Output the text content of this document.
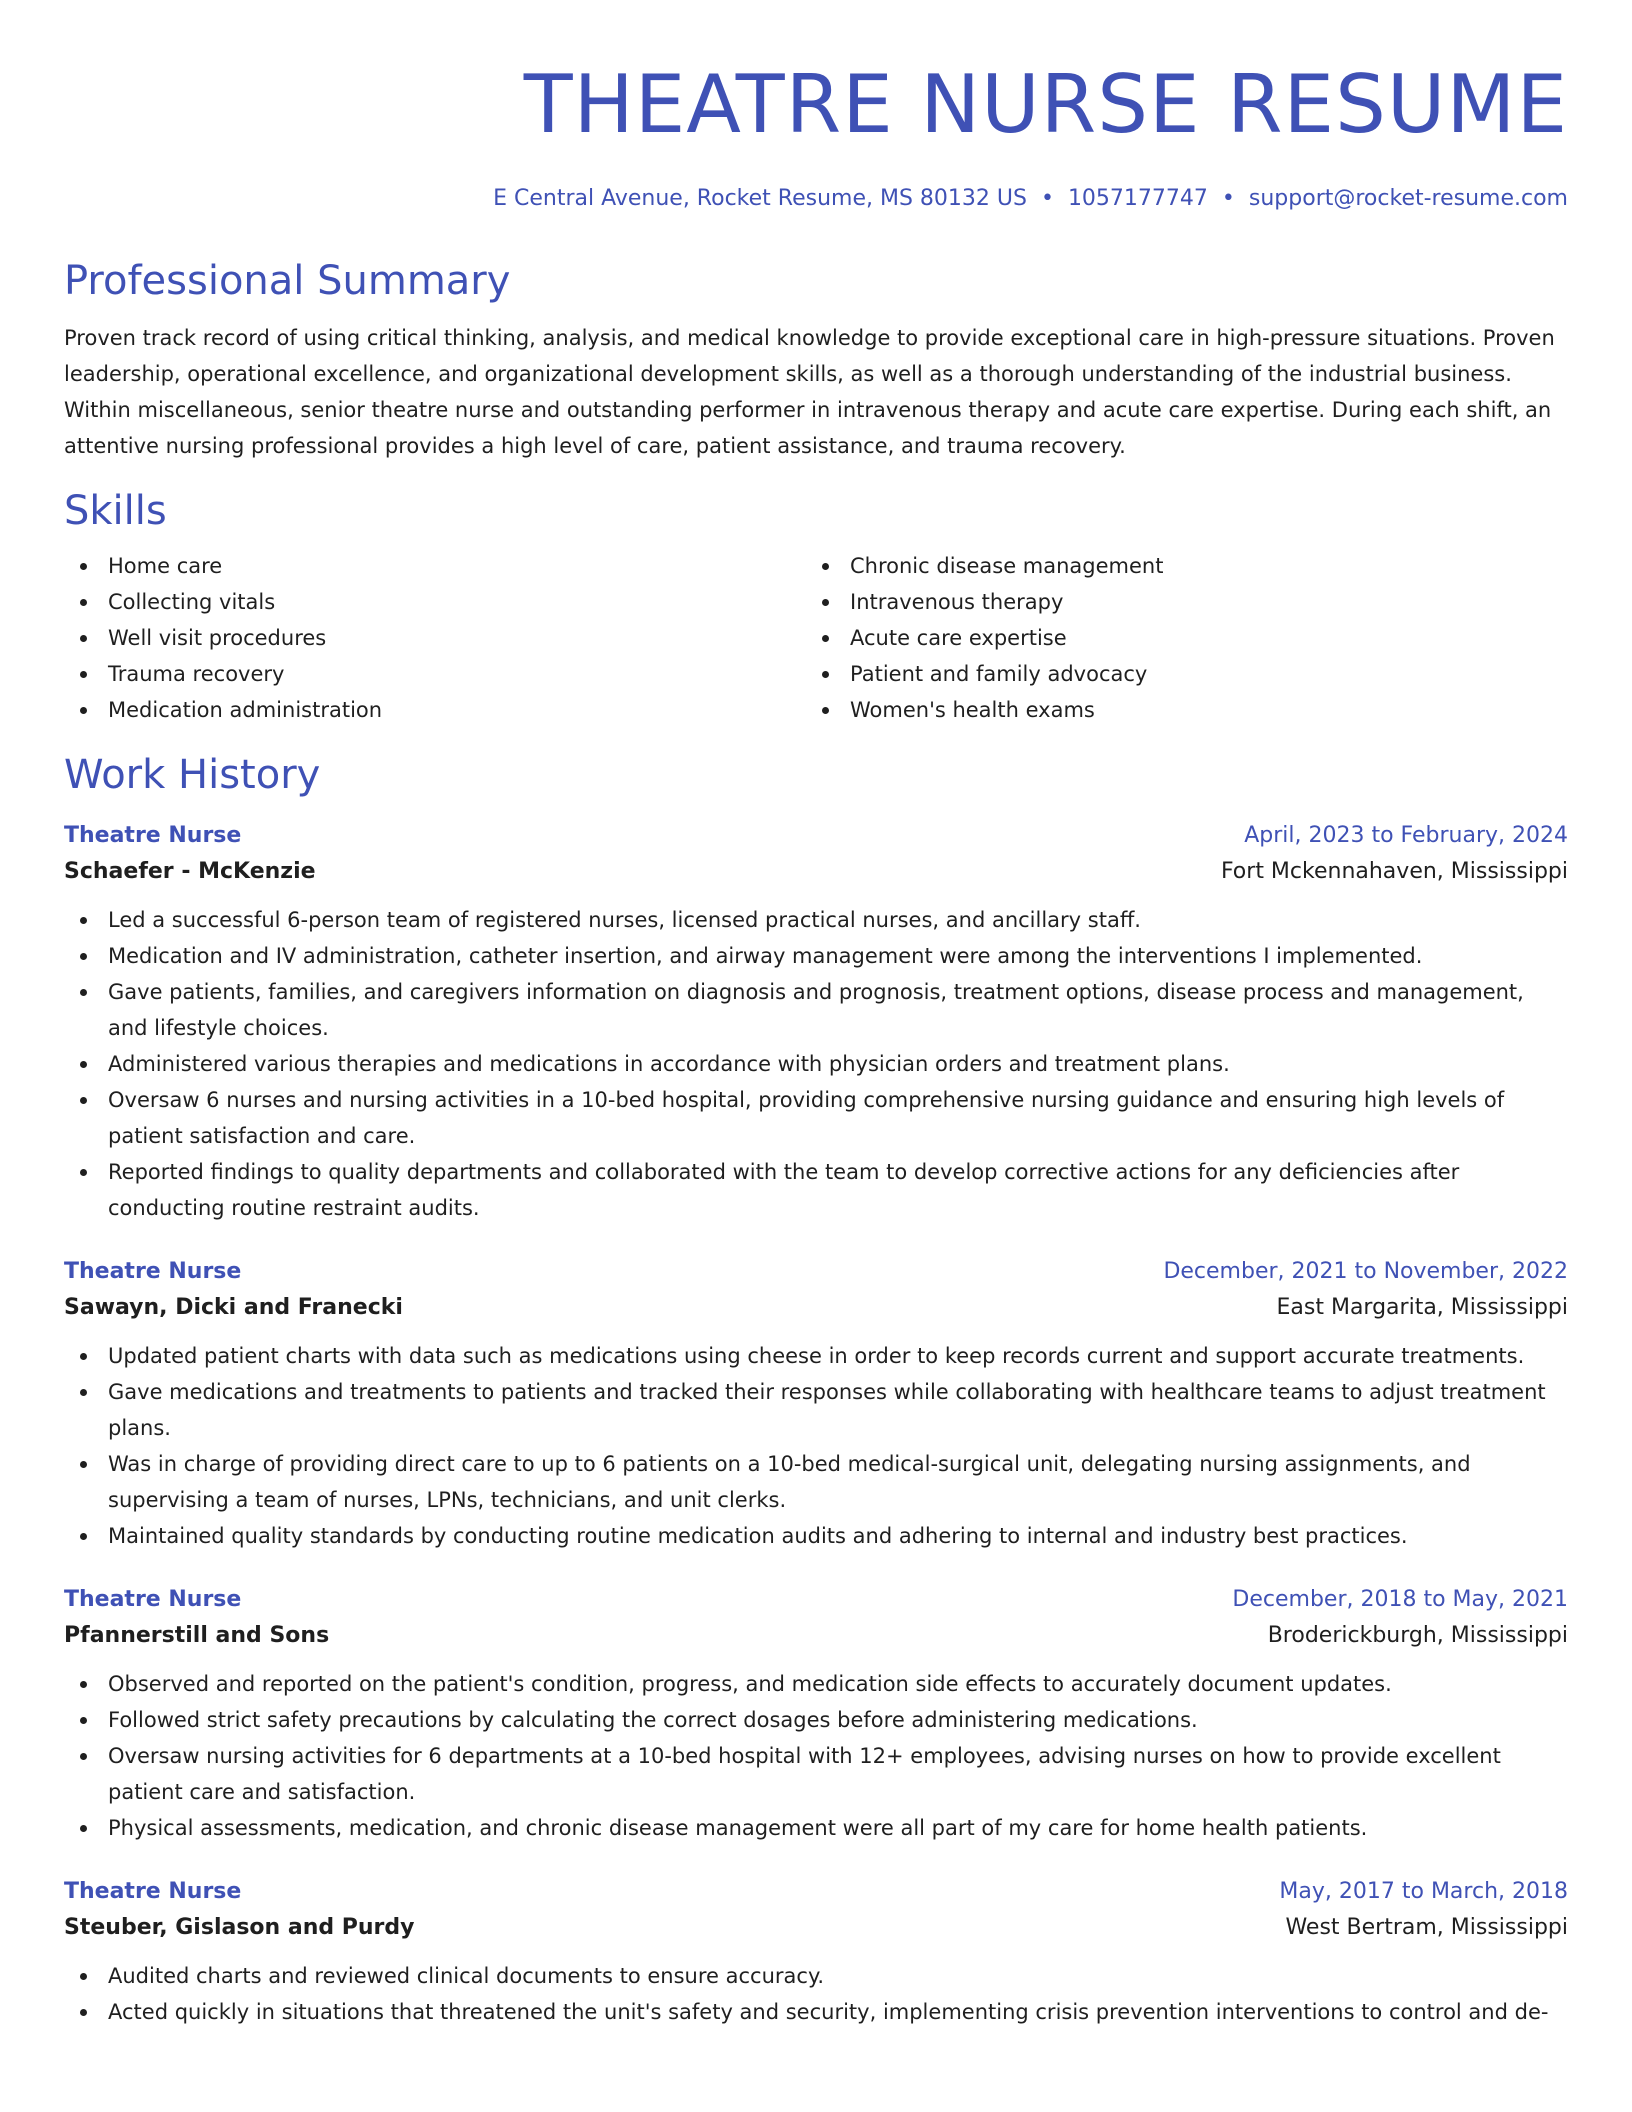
THEATRE NURSE RESUME
E Central Avenue, Rocket Resume, MS 80132 US • 1057177747 • support@rocket-resume.com
Professional Summary
Proven track record of using critical thinking, analysis, and medical knowledge to provide exceptional care in high-pressure situations. Proven leadership, operational excellence, and organizational development skills, as well as a thorough understanding of the industrial business. Within miscellaneous, senior theatre nurse and outstanding performer in intravenous therapy and acute care expertise. During each shift, an attentive nursing professional provides a high level of care, patient assistance, and trauma recovery.
Skills
Home care
Collecting vitals
Well visit procedures
Trauma recovery
Medication administration
Chronic disease management
Intravenous therapy
Acute care expertise
Patient and family advocacy
Women's health exams
Work History
Theatre Nurse	April, 2023 to February, 2024
Schaefer - McKenzie	Fort Mckennahaven, Mississippi
Led a successful 6-person team of registered nurses, licensed practical nurses, and ancillary staff.
Medication and IV administration, catheter insertion, and airway management were among the interventions I implemented.
Gave patients, families, and caregivers information on diagnosis and prognosis, treatment options, disease process and management, and lifestyle choices.
Administered various therapies and medications in accordance with physician orders and treatment plans.
Oversaw 6 nurses and nursing activities in a 10-bed hospital, providing comprehensive nursing guidance and ensuring high levels of patient satisfaction and care.
Reported findings to quality departments and collaborated with the team to develop corrective actions for any deficiencies after conducting routine restraint audits.
Theatre Nurse	December, 2021 to November, 2022
Sawayn, Dicki and Franecki	East Margarita, Mississippi
Updated patient charts with data such as medications using cheese in order to keep records current and support accurate treatments.
Gave medications and treatments to patients and tracked their responses while collaborating with healthcare teams to adjust treatment plans.
Was in charge of providing direct care to up to 6 patients on a 10-bed medical-surgical unit, delegating nursing assignments, and supervising a team of nurses, LPNs, technicians, and unit clerks.
Maintained quality standards by conducting routine medication audits and adhering to internal and industry best practices.
Theatre Nurse	December, 2018 to May, 2021
Pfannerstill and Sons	Broderickburgh, Mississippi
Observed and reported on the patient's condition, progress, and medication side effects to accurately document updates.
Followed strict safety precautions by calculating the correct dosages before administering medications.
Oversaw nursing activities for 6 departments at a 10-bed hospital with 12+ employees, advising nurses on how to provide excellent patient care and satisfaction.
Physical assessments, medication, and chronic disease management were all part of my care for home health patients.
Theatre Nurse	May, 2017 to March, 2018
Steuber, Gislason and Purdy	West Bertram, Mississippi
Audited charts and reviewed clinical documents to ensure accuracy.
Acted quickly in situations that threatened the unit's safety and security, implementing crisis prevention interventions to control and de-
